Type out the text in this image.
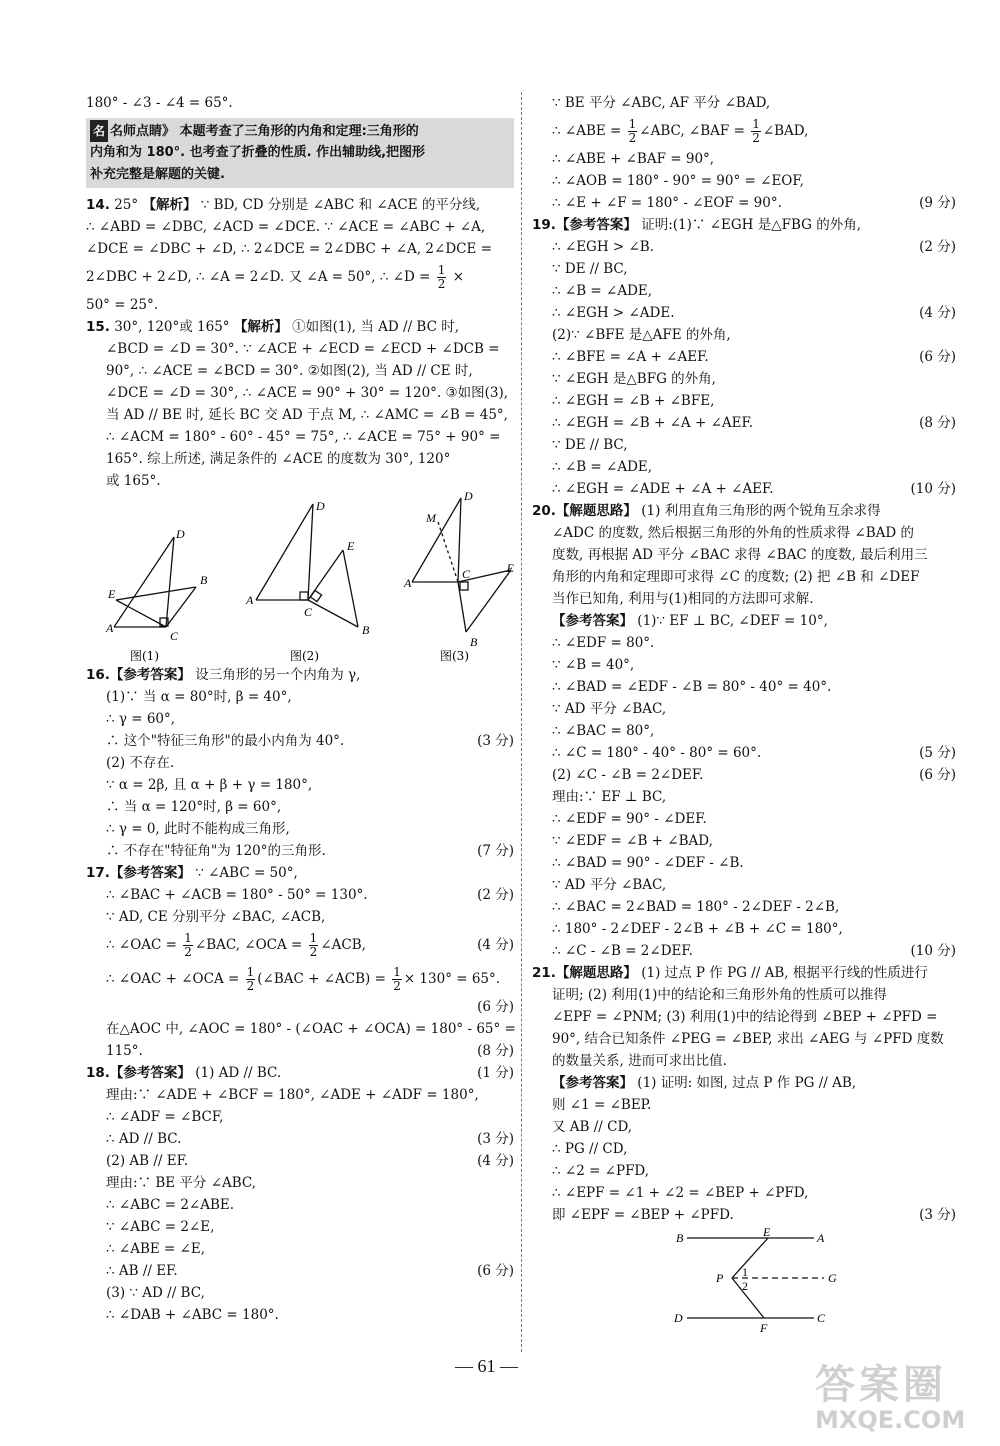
180° - ∠3 - ∠4 = 65°.
名 名师点睛》 本题考查了三角形的内角和定理:三角形的
内角和为 180°. 也考查了折叠的性质. 作出辅助线,把图形
补充完整是解题的关键.
14. 25° 【解析】 ∵ BD, CD 分别是 ∠ABC 和 ∠ACE 的平分线,
∴ ∠ABD = ∠DBC, ∠ACD = ∠DCE. ∵ ∠ACE = ∠ABC + ∠A,
∠DCE = ∠DBC + ∠D, ∴ 2∠DCE = 2∠DBC + ∠A, 2∠DCE =
2∠DBC + 2∠D, ∴ ∠A = 2∠D. 又 ∠A = 50°, ∴ ∠D = $\frac{1}{2}$ ×
50° = 25°.
15. 30°, 120°或 165° 【解析】 ①如图(1), 当 AD // BC 时,
∠BCD = ∠D = 30°. ∵ ∠ACE + ∠ECD = ∠ECD + ∠DCB =
90°, ∴ ∠ACE = ∠BCD = 30°. ②如图(2), 当 AD // CE 时,
∠DCE = ∠D = 30°, ∴ ∠ACE = 90° + 30° = 120°. ③如图(3),
当 AD // BE 时, 延长 BC 交 AD 于点 M, ∴ ∠AMC = ∠B = 45°,
∴ ∠ACM = 180° - 60° - 45° = 75°, ∴ ∠ACE = 75° + 90° =
165°. 综上所述, 满足条件的 ∠ACE 的度数为 30°, 120°
或 165°.
D
E
B
A
C
D
E
A
C
B
D
M
E
A
C
B
图(1)	图(2)	图(3)
16.【参考答案】 设三角形的另一个内角为 γ,
(1)∵ 当 α = 80°时, β = 40°,
∴ γ = 60°,
∴ 这个"特征三角形"的最小内角为 40°.	(3 分)
(2) 不存在.
∵ α = 2β, 且 α + β + γ = 180°,
∴ 当 α = 120°时, β = 60°,
∴ γ = 0, 此时不能构成三角形,
∴ 不存在"特征角"为 120°的三角形.	(7 分)
17.【参考答案】 ∵ ∠ABC = 50°,
∴ ∠BAC + ∠ACB = 180° - 50° = 130°.	(2 分)
∵ AD, CE 分别平分 ∠BAC, ∠ACB,
∴ ∠OAC = $\frac{1}{2}$ ∠BAC, ∠OCA = $\frac{1}{2}$ ∠ACB,	(4 分)
∴ ∠OAC + ∠OCA = $\frac{1}{2}$ (∠BAC + ∠ACB) = $\frac{1}{2} \times 130^\circ = 65^\circ$.
(6 分)
在△AOC 中, ∠AOC = 180° - (∠OAC + ∠OCA) = 180° - 65° =
115°.	(8 分)
18.【参考答案】 (1) AD // BC.	(1 分)
理由:∵ ∠ADE + ∠BCF = 180°, ∠ADE + ∠ADF = 180°,
∴ ∠ADF = ∠BCF,
∴ AD // BC.	(3 分)
(2) AB // EF.	(4 分)
理由:∵ BE 平分 ∠ABC,
∴ ∠ABC = 2∠ABE.
∵ ∠ABC = 2∠E,
∴ ∠ABE = ∠E,
∴ AB // EF.	(6 分)
(3) ∵ AD // BC,
∴ ∠DAB + ∠ABC = 180°.
∵ BE 平分 ∠ABC, AF 平分 ∠BAD,
∴ ∠ABE = $\frac{1}{2}$ ∠ABC, ∠BAF = $\frac{1}{2}$ ∠BAD,
∴ ∠ABE + ∠BAF = 90°,
∴ ∠AOB = 180° - 90° = 90° = ∠EOF,
∴ ∠E + ∠F = 180° - ∠EOF = 90°.	(9 分)
19.【参考答案】 证明:(1)∵ ∠EGH 是△FBG 的外角,
∴ ∠EGH > ∠B.	(2 分)
∵ DE // BC,
∴ ∠B = ∠ADE,
∴ ∠EGH > ∠ADE.	(4 分)
(2)∵ ∠BFE 是△AFE 的外角,
∴ ∠BFE = ∠A + ∠AEF.	(6 分)
∵ ∠EGH 是△BFG 的外角,
∴ ∠EGH = ∠B + ∠BFE,
∴ ∠EGH = ∠B + ∠A + ∠AEF.	(8 分)
∵ DE // BC,
∴ ∠B = ∠ADE,
∴ ∠EGH = ∠ADE + ∠A + ∠AEF.	(10 分)
20.【解题思路】 (1) 利用直角三角形的两个锐角互余求得
∠ADC 的度数, 然后根据三角形的外角的性质求得 ∠BAD 的
度数, 再根据 AD 平分 ∠BAC 求得 ∠BAC 的度数, 最后利用三
角形的内角和定理即可求得 ∠C 的度数; (2) 把 ∠B 和 ∠DEF
当作已知角, 利用与(1)相同的方法即可求解.
【参考答案】 (1)∵ EF ⊥ BC, ∠DEF = 10°,
∴ ∠EDF = 80°.
∵ ∠B = 40°,
∴ ∠BAD = ∠EDF - ∠B = 80° - 40° = 40°.
∵ AD 平分 ∠BAC,
∴ ∠BAC = 80°,
∴ ∠C = 180° - 40° - 80° = 60°.	(5 分)
(2) ∠C - ∠B = 2∠DEF.	(6 分)
理由:∵ EF ⊥ BC,
∴ ∠EDF = 90° - ∠DEF.
∵ ∠EDF = ∠B + ∠BAD,
∴ ∠BAD = 90° - ∠DEF - ∠B.
∵ AD 平分 ∠BAC,
∴ ∠BAC = 2∠BAD = 180° - 2∠DEF - 2∠B,
∴ 180° - 2∠DEF - 2∠B + ∠B + ∠C = 180°,
∴ ∠C - ∠B = 2∠DEF.	(10 分)
21.【解题思路】 (1) 过点 P 作 PG // AB, 根据平行线的性质进行
证明; (2) 利用(1)中的结论和三角形外角的性质可以推得
∠EPF = ∠PNM; (3) 利用(1)中的结论得到 ∠BEP + ∠PFD =
90°, 结合已知条件 ∠PEG = ∠BEP, 求出 ∠AEG 与 ∠PFD 度数
的数量关系, 进而可求出比值.
【参考答案】 (1) 证明: 如图, 过点 P 作 PG // AB,
则 ∠1 = ∠BEP.
又 AB // CD,
∴ PG // CD,
∴ ∠2 = ∠PFD,
∴ ∠EPF = ∠1 + ∠2 = ∠BEP + ∠PFD,
即 ∠EPF = ∠BEP + ∠PFD.	(3 分)
B	E	A
P 1
2
G
D
F
C
— 61 —	答案圈
MXQE.COM
